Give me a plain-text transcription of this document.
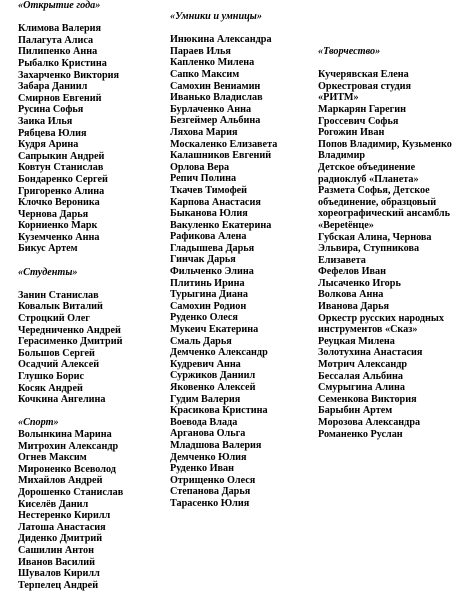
«Открытие года»
Климова Валерия
Палагута Алиса
Пилипенко Анна
Рыбалко Кристина
Захарченко Виктория
Забара Даниил
Смирнов Евгений
Русина Софья
Заика Илья
Рябцева Юлия
Кудря Арина
Сапрыкин Андрей
Ковтун Станислав
Бондаренко Сергей
Григоренко Алина
Клочко Вероника
Чернова Дарья
Корниенко Марк
Куземченко Анна
Бикус Артем
«Студенты»
Занин Станислав
Ковалык Виталий
Строцкий Олег
Чередниченко Андрей
Герасименко Дмитрий
Большов Сергей
Осадчий Алексей
Глушко Борис
Косяк Андрей
Кочкина Ангелина
«Спорт»
Волынкина Марина
Митрохин Александр
Огнев Максим
Мироненко Всеволод
Михайлов Андрей
Дорошенко Станислав
Киселёв Данил
Нестеренко Кирилл
Латоша Анастасия
Диденко Дмитрий
Сашилин Антон
Иванов Василий
Шувалов Кирилл
Терпелец Андрей
«Умники и умницы»
Инюкина Александра
Параев Илья
Капленко Милена
Сапко Максим
Самохин Вениамин
Иванько Владислав
Бурлаченко Анна
Безгеймер Альбина
Ляхова Мария
Москаленко Елизавета
Калашников Евгений
Орлова Вера
Репич Полина
Ткачев Тимофей
Карпова Анастасия
Быканова Юлия
Вакуленко Екатерина
Рафикова Алена
Гладышева Дарья
Гинчак Дарья
Фильченко Элина
Плитинь Ирина
Турыгина Диана
Самохин Родион
Руденко Олеся
Мукеич Екатерина
Смаль Дарья
Демченко Александр
Кудревич Анна
Суржиков Даниил
Яковенко Алексей
Гудим Валерия
Красикова Кристина
Воевода Влада
Арганова Ольга
Младшова Валерия
Демченко Юлия
Руденко Иван
Отрищенко Олеся
Степанова Дарья
Тарасенко Юлия
«Творчество»
Кучерявская Елена
Оркестровая студия «РИТМ»
Маркарян Гарегин
Гроссевич Софья
Рогожин Иван
Попов Владимир, Кузьменко Владимир
Детское объединение радиоклуб «Планета»
Размета Софья, Детское объединение, образцовый хореографический ансамбль «Верetёнце»
Губская Алина, Чернова Эльвира, Ступникова Елизавета
Фефелов Иван
Лысаченко Игорь
Волкова Анна
Иванова Дарья
Оркестр русских народных инструментов «Сказ»
Реуцкая Милена
Золотухина Анастасия
Мотрич Александр
Бессалая Альбина
Смурыгина Алина
Семенкова Виктория
Барыбин Артем
Морозова Александра
Романенко Руслан
